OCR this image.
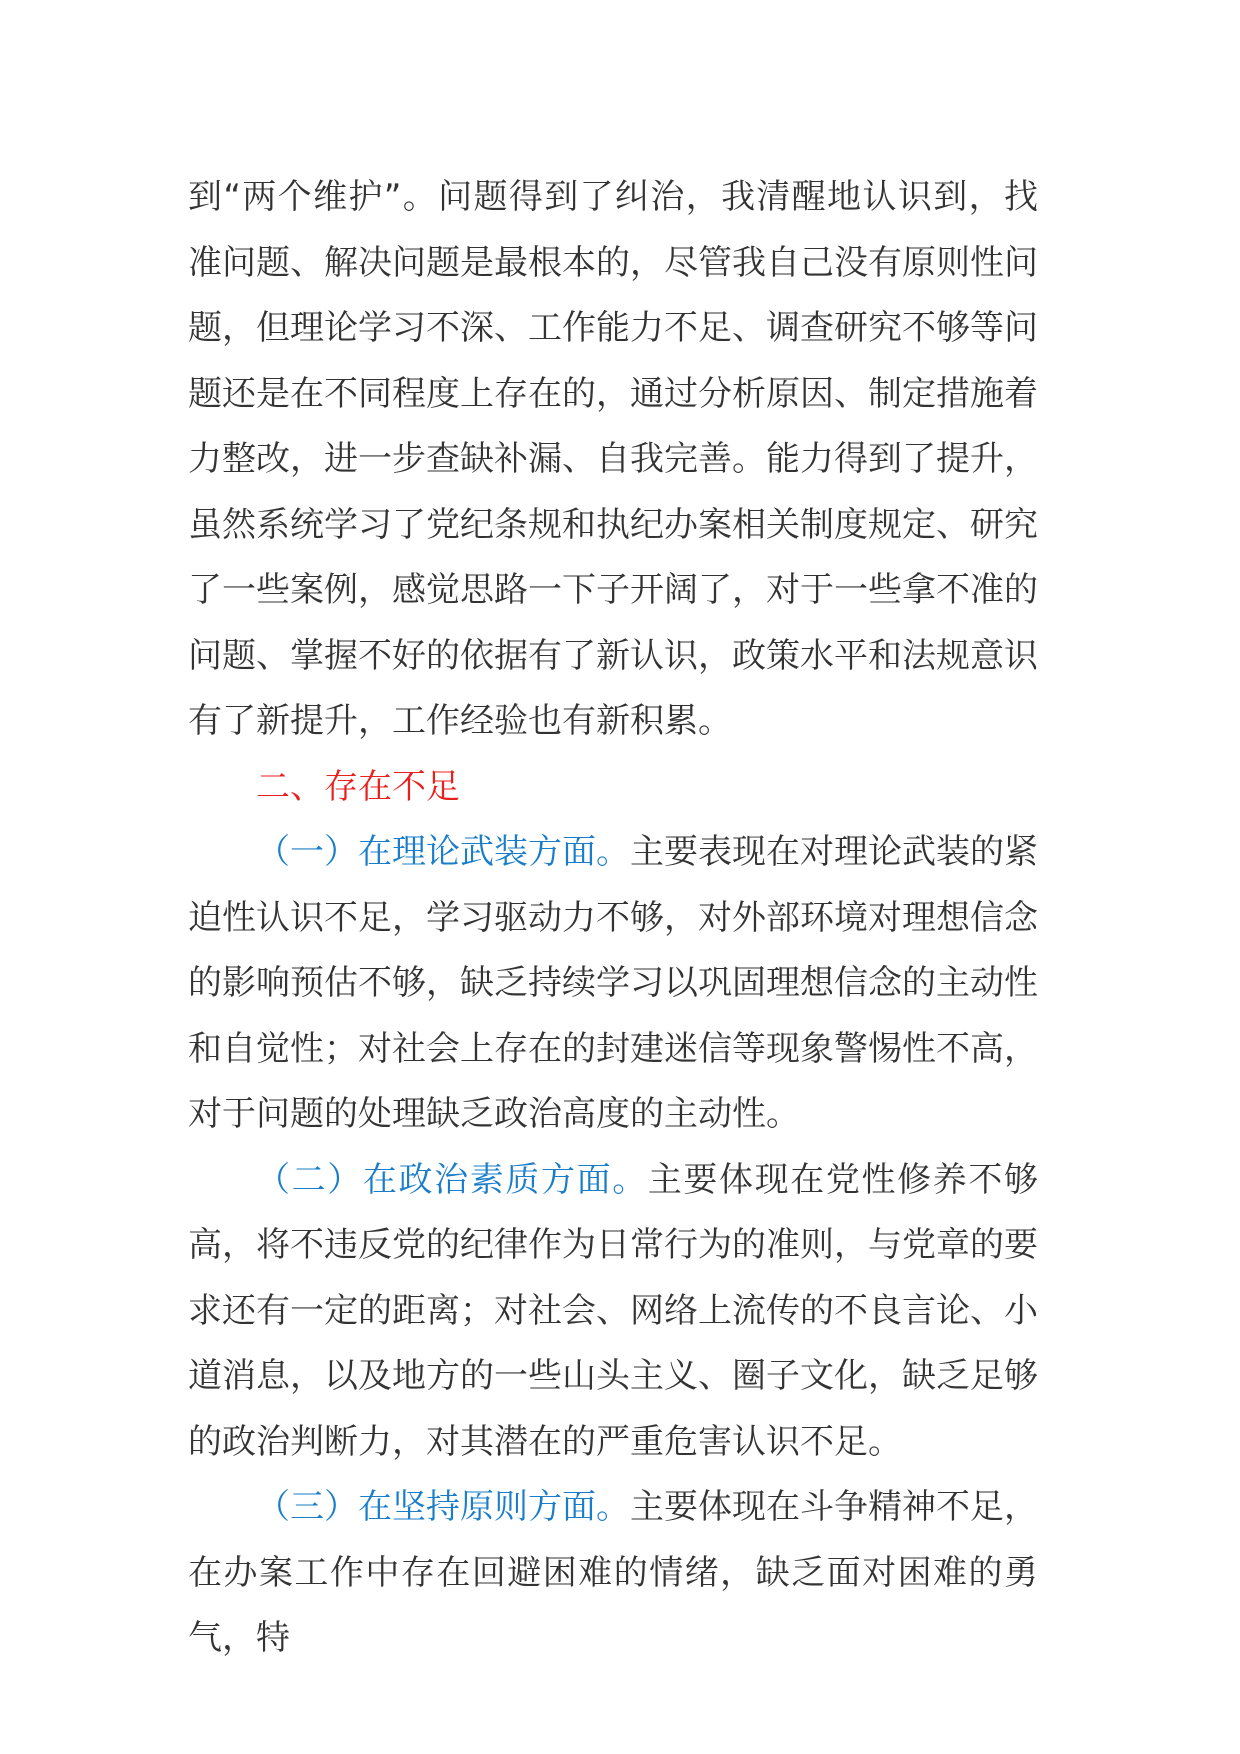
到“两个维护”。问题得到了纠治，我清醒地认识到，找准问题、解决问题是最根本的，尽管我自己没有原则性问题，但理论学习不深、工作能力不足、调查研究不够等问题还是在不同程度上存在的，通过分析原因、制定措施着力整改，进一步查缺补漏、自我完善。能力得到了提升，虽然系统学习了党纪条规和执纪办案相关制度规定、研究了一些案例，感觉思路一下子开阔了，对于一些拿不准的问题、掌握不好的依据有了新认识，政策水平和法规意识有了新提升，工作经验也有新积累。

二、存在不足

（一）在理论武装方面。主要表现在对理论武装的紧迫性认识不足，学习驱动力不够，对外部环境对理想信念的影响预估不够，缺乏持续学习以巩固理想信念的主动性和自觉性；对社会上存在的封建迷信等现象警惕性不高，对于问题的处理缺乏政治高度的主动性。

（二）在政治素质方面。主要体现在党性修养不够高，将不违反党的纪律作为日常行为的准则，与党章的要求还有一定的距离；对社会、网络上流传的不良言论、小道消息，以及地方的一些山头主义、圈子文化，缺乏足够的政治判断力，对其潜在的严重危害认识不足。

（三）在坚持原则方面。主要体现在斗争精神不足，在办案工作中存在回避困难的情绪，缺乏面对困难的勇气，特
